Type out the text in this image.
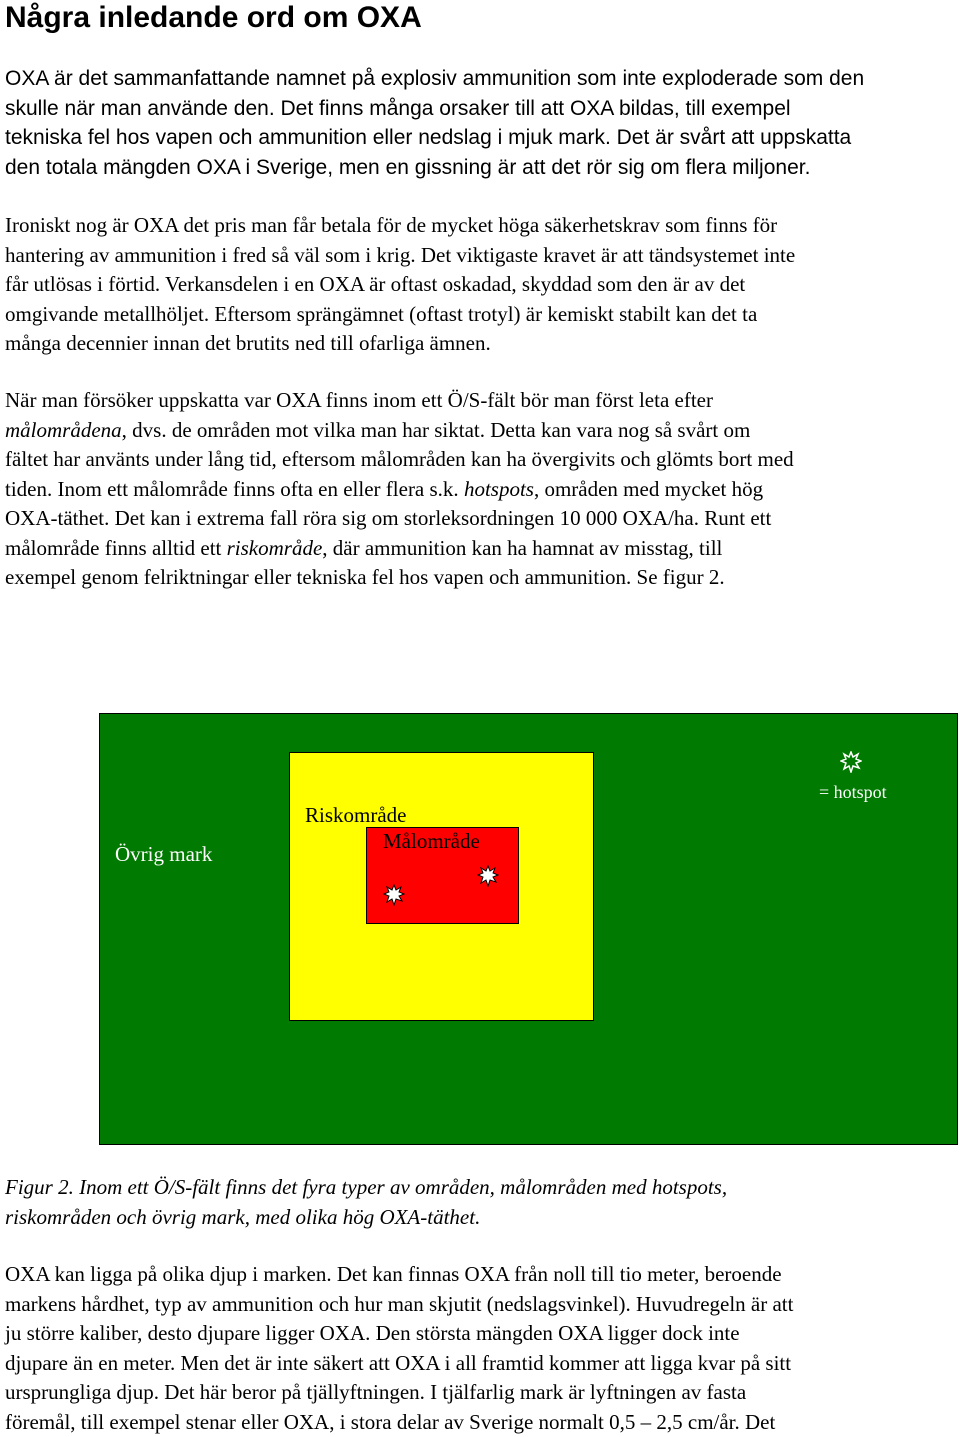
Några inledande ord om OXA
OXA är det sammanfattande namnet på explosiv ammunition som inte exploderade som den
skulle när man använde den. Det finns många orsaker till att OXA bildas, till exempel
tekniska fel hos vapen och ammunition eller nedslag i mjuk mark. Det är svårt att uppskatta
den totala mängden OXA i Sverige, men en gissning är att det rör sig om flera miljoner.
Ironiskt nog är OXA det pris man får betala för de mycket höga säkerhetskrav som finns för
hantering av ammunition i fred så väl som i krig. Det viktigaste kravet är att tändsystemet inte
får utlösas i förtid. Verkansdelen i en OXA är oftast oskadad, skyddad som den är av det
omgivande metallhöljet. Eftersom sprängämnet (oftast trotyl) är kemiskt stabilt kan det ta
många decennier innan det brutits ned till ofarliga ämnen.
När man försöker uppskatta var OXA finns inom ett Ö/S-fält bör man först leta efter
målområdena, dvs. de områden mot vilka man har siktat. Detta kan vara nog så svårt om
fältet har använts under lång tid, eftersom målområden kan ha övergivits och glömts bort med
tiden. Inom ett målområde finns ofta en eller flera s.k. hotspots, områden med mycket hög
OXA-täthet. Det kan i extrema fall röra sig om storleksordningen 10 000 OXA/ha. Runt ett
målområde finns alltid ett riskområde, där ammunition kan ha hamnat av misstag, till
exempel genom felriktningar eller tekniska fel hos vapen och ammunition. Se figur 2.
Övrig mark
Riskområde
Målområde
= hotspot
Figur 2. Inom ett Ö/S-fält finns det fyra typer av områden, målområden med hotspots,
riskområden och övrig mark, med olika hög OXA-täthet.
OXA kan ligga på olika djup i marken. Det kan finnas OXA från noll till tio meter, beroende
markens hårdhet, typ av ammunition och hur man skjutit (nedslagsvinkel). Huvudregeln är att
ju större kaliber, desto djupare ligger OXA. Den största mängden OXA ligger dock inte
djupare än en meter. Men det är inte säkert att OXA i all framtid kommer att ligga kvar på sitt
ursprungliga djup. Det här beror på tjällyftningen. I tjälfarlig mark är lyftningen av fasta
föremål, till exempel stenar eller OXA, i stora delar av Sverige normalt 0,5 – 2,5 cm/år. Det
